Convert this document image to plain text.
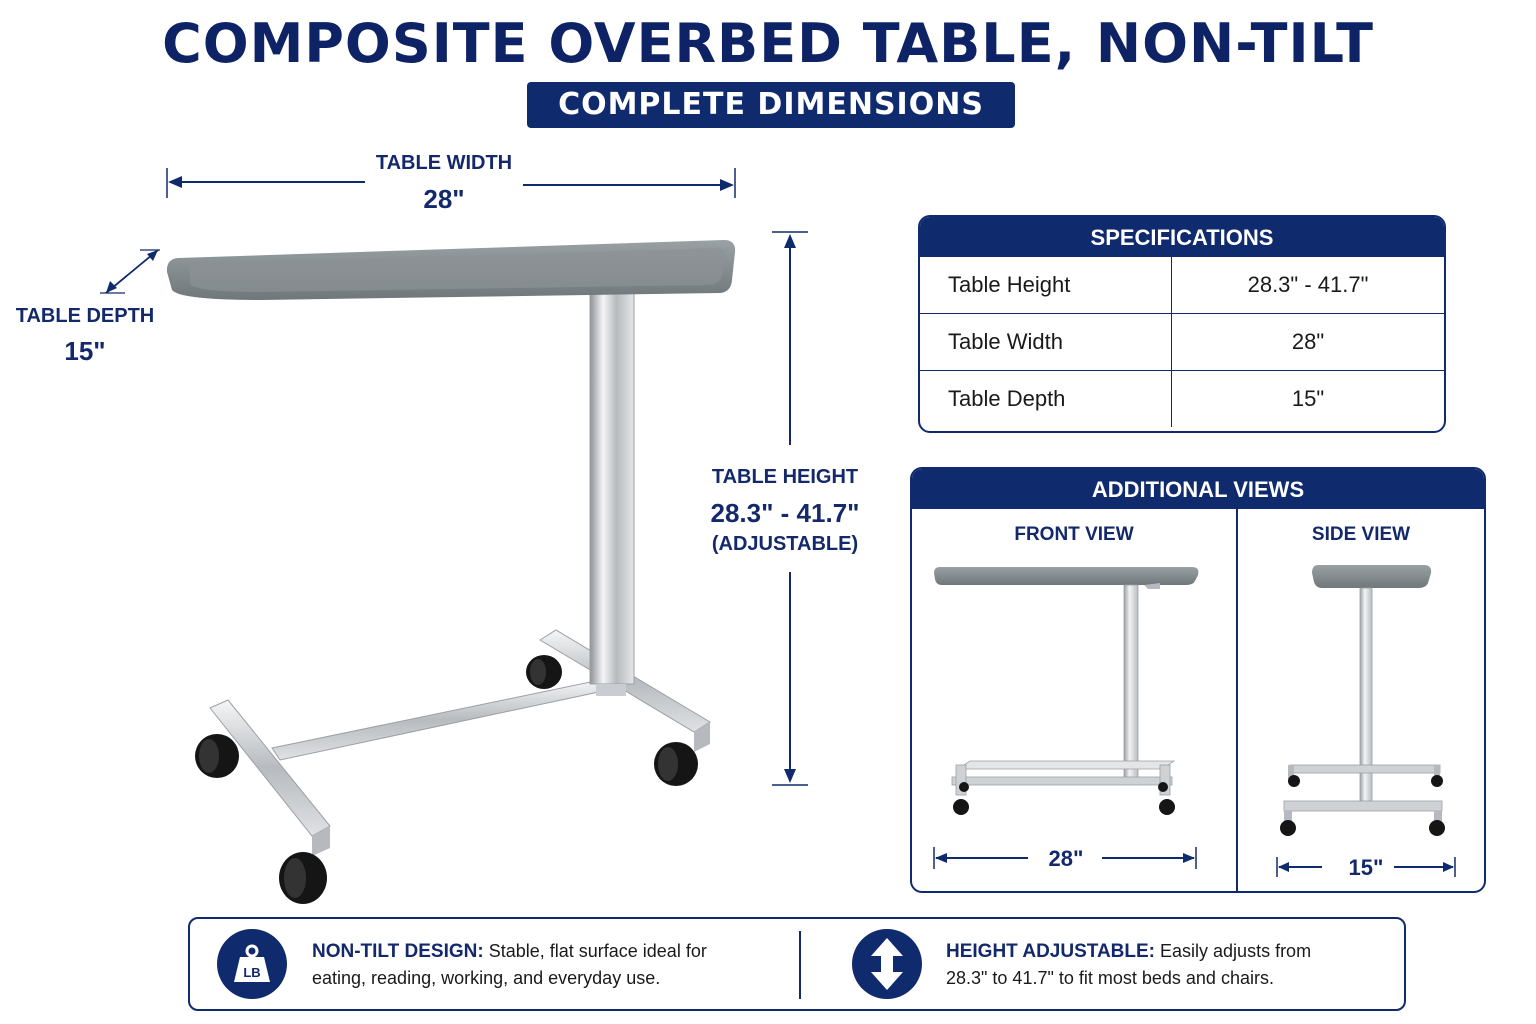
COMPOSITE OVERBED TABLE, NON-TILT
COMPLETE DIMENSIONS
TABLE WIDTH
28"
TABLE DEPTH
15"
TABLE HEIGHT
28.3" - 41.7"
(ADJUSTABLE)
SPECIFICATIONS
Table Height	28.3" - 41.7"
Table Width	28"
Table Depth	15"
ADDITIONAL VIEWS
FRONT VIEW	SIDE VIEW
28"	15"
LB
NON-TILT DESIGN: Stable, flat surface ideal for
eating, reading, working, and everyday use.
HEIGHT ADJUSTABLE: Easily adjusts from
28.3" to 41.7" to fit most beds and chairs.
